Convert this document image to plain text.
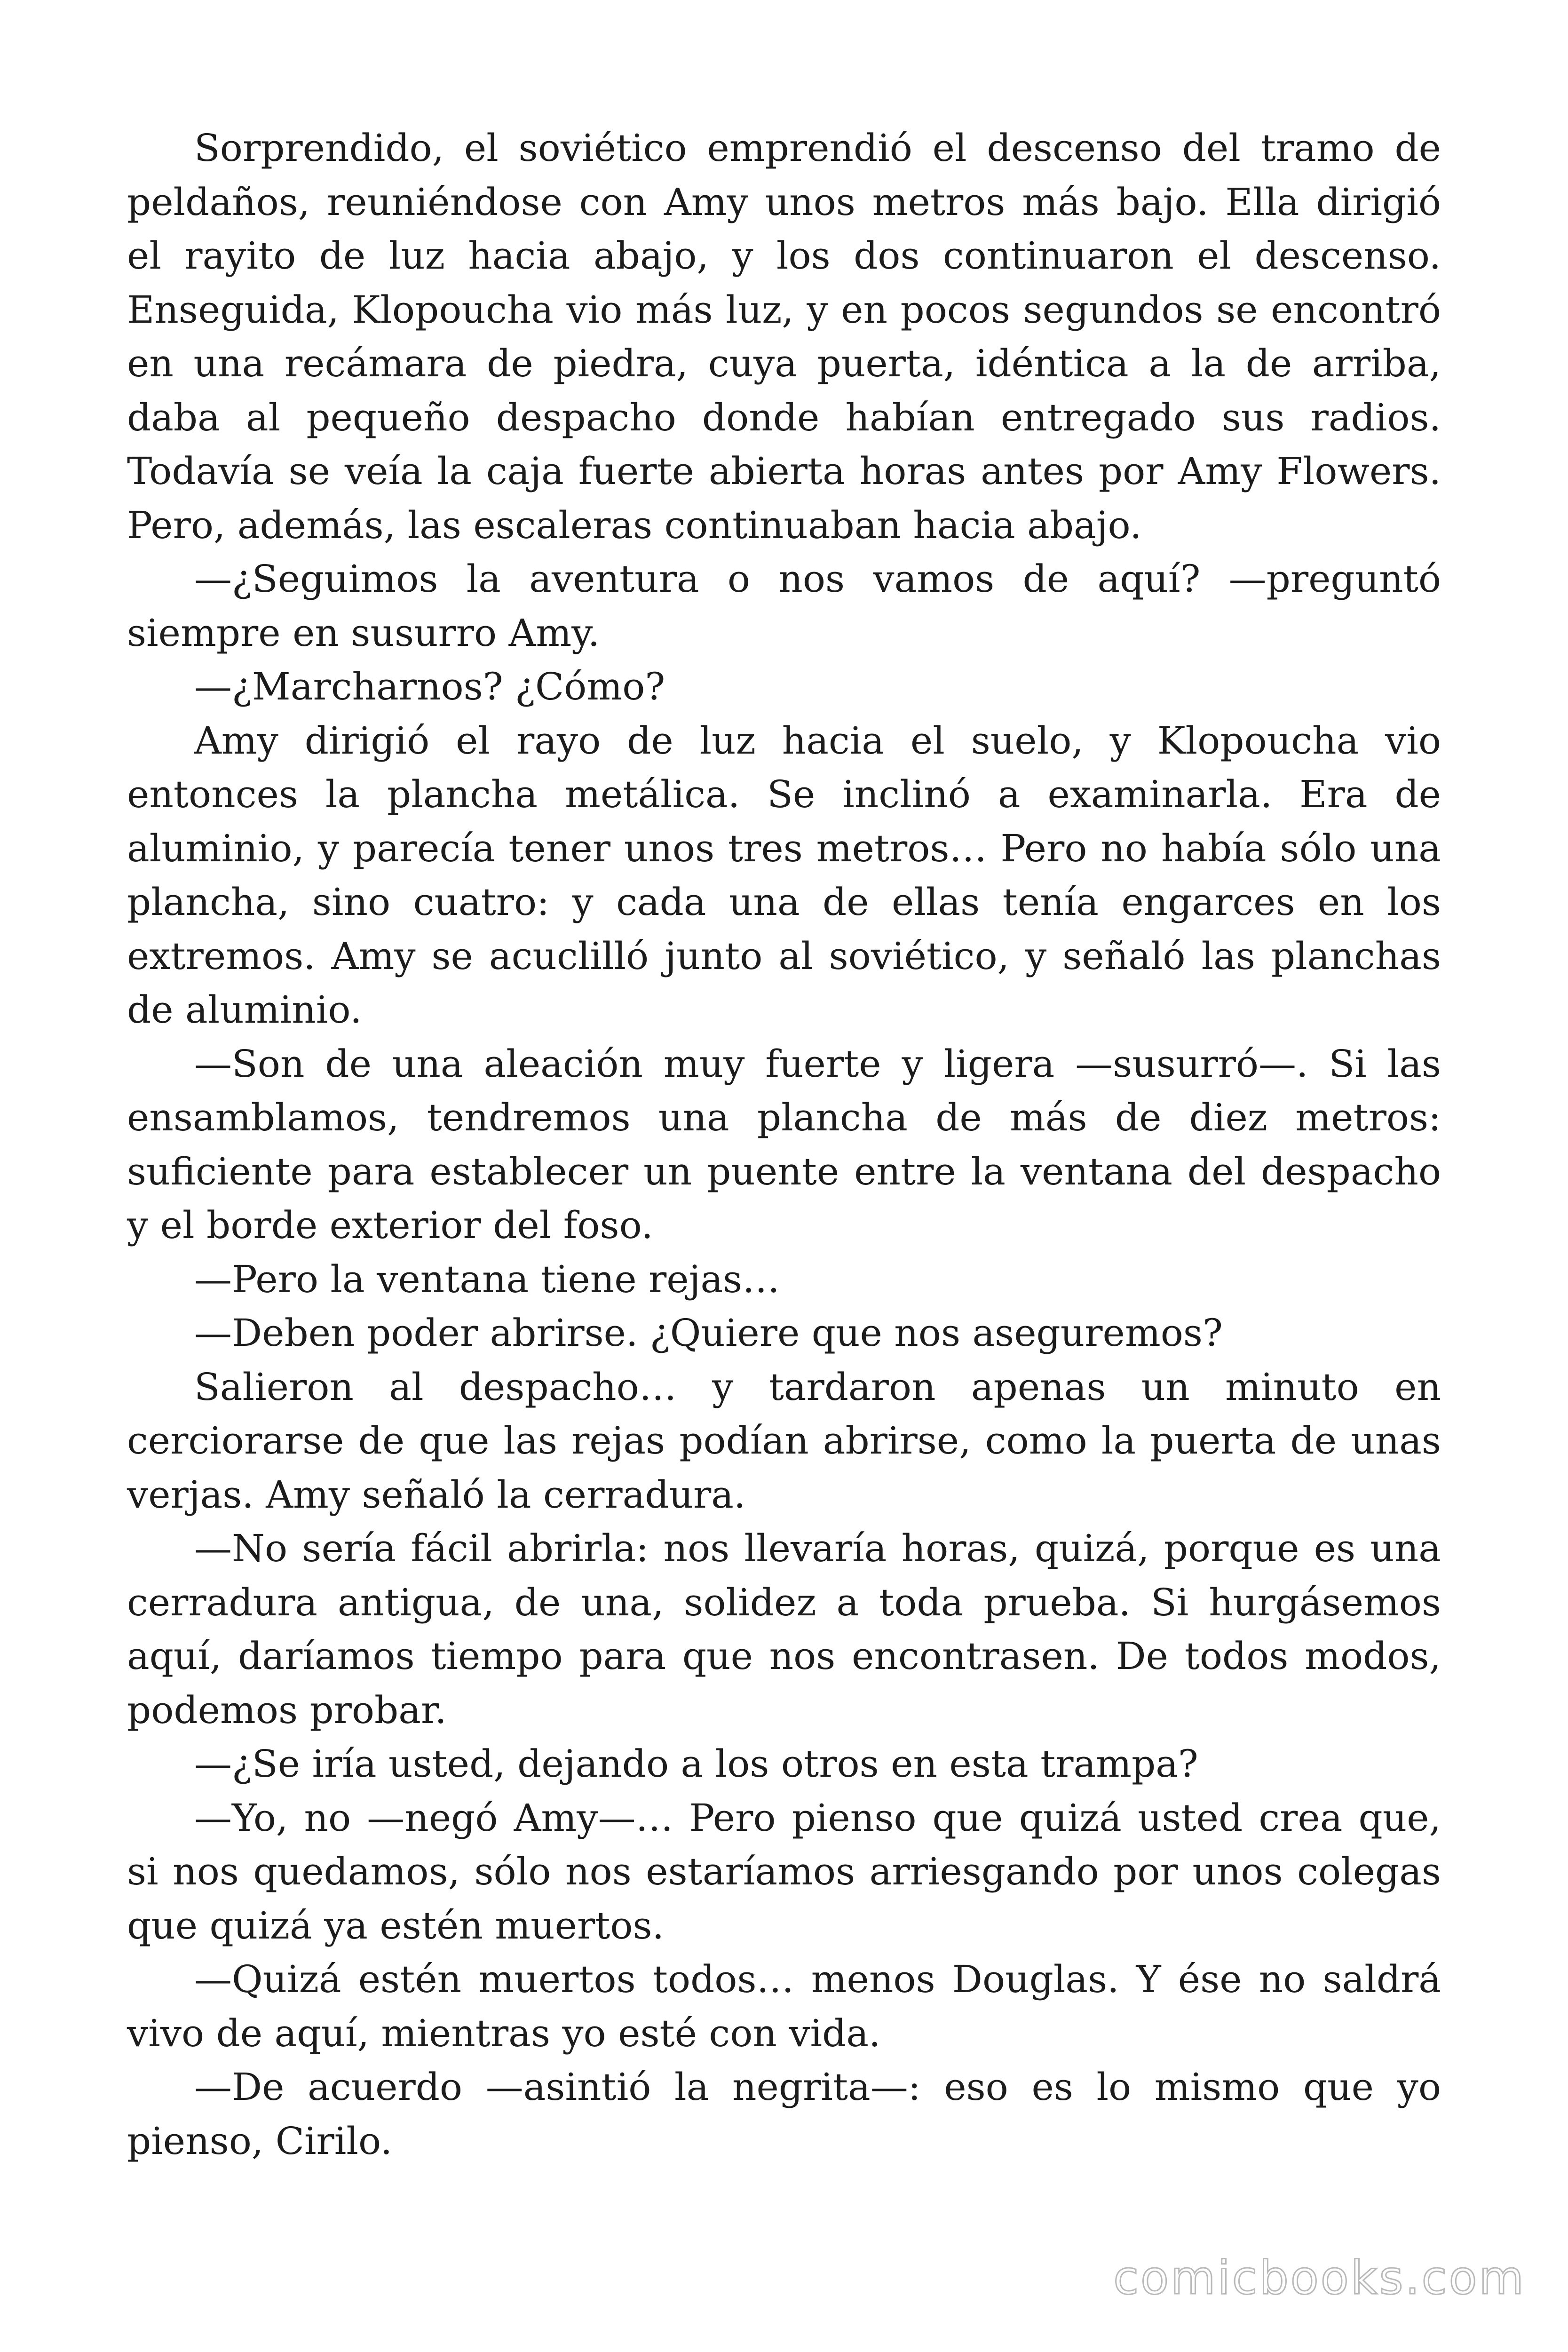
Sorprendido, el soviético emprendió el descenso del tramo de peldaños, reuniéndose con Amy unos metros más bajo. Ella dirigió el rayito de luz hacia abajo, y los dos continuaron el descenso. Enseguida, Klopoucha vio más luz, y en pocos segundos se encontró en una recámara de piedra, cuya puerta, idéntica a la de arriba, daba al pequeño despacho donde habían entregado sus radios. Todavía se veía la caja fuerte abierta horas antes por Amy Flowers. Pero, además, las escaleras continuaban hacia abajo.

—¿Seguimos la aventura o nos vamos de aquí? —preguntó siempre en susurro Amy.

—¿Marcharnos? ¿Cómo?

Amy dirigió el rayo de luz hacia el suelo, y Klopoucha vio entonces la plancha metálica. Se inclinó a examinarla. Era de aluminio, y parecía tener unos tres metros… Pero no había sólo una plancha, sino cuatro: y cada una de ellas tenía engarces en los extremos. Amy se acuclilló junto al soviético, y señaló las planchas de aluminio.

—Son de una aleación muy fuerte y ligera —susurró—. Si las ensamblamos, tendremos una plancha de más de diez metros: suficiente para establecer un puente entre la ventana del despacho y el borde exterior del foso.

—Pero la ventana tiene rejas…

—Deben poder abrirse. ¿Quiere que nos aseguremos?

Salieron al despacho… y tardaron apenas un minuto en cerciorarse de que las rejas podían abrirse, como la puerta de unas verjas. Amy señaló la cerradura.

—No sería fácil abrirla: nos llevaría horas, quizá, porque es una cerradura antigua, de una, solidez a toda prueba. Si hurgásemos aquí, daríamos tiempo para que nos encontrasen. De todos modos, podemos probar.

—¿Se iría usted, dejando a los otros en esta trampa?

—Yo, no —negó Amy—… Pero pienso que quizá usted crea que, si nos quedamos, sólo nos estaríamos arriesgando por unos colegas que quizá ya estén muertos.

—Quizá estén muertos todos… menos Douglas. Y ése no saldrá vivo de aquí, mientras yo esté con vida.

—De acuerdo —asintió la negrita—: eso es lo mismo que yo pienso, Cirilo.

comicbooks.com
